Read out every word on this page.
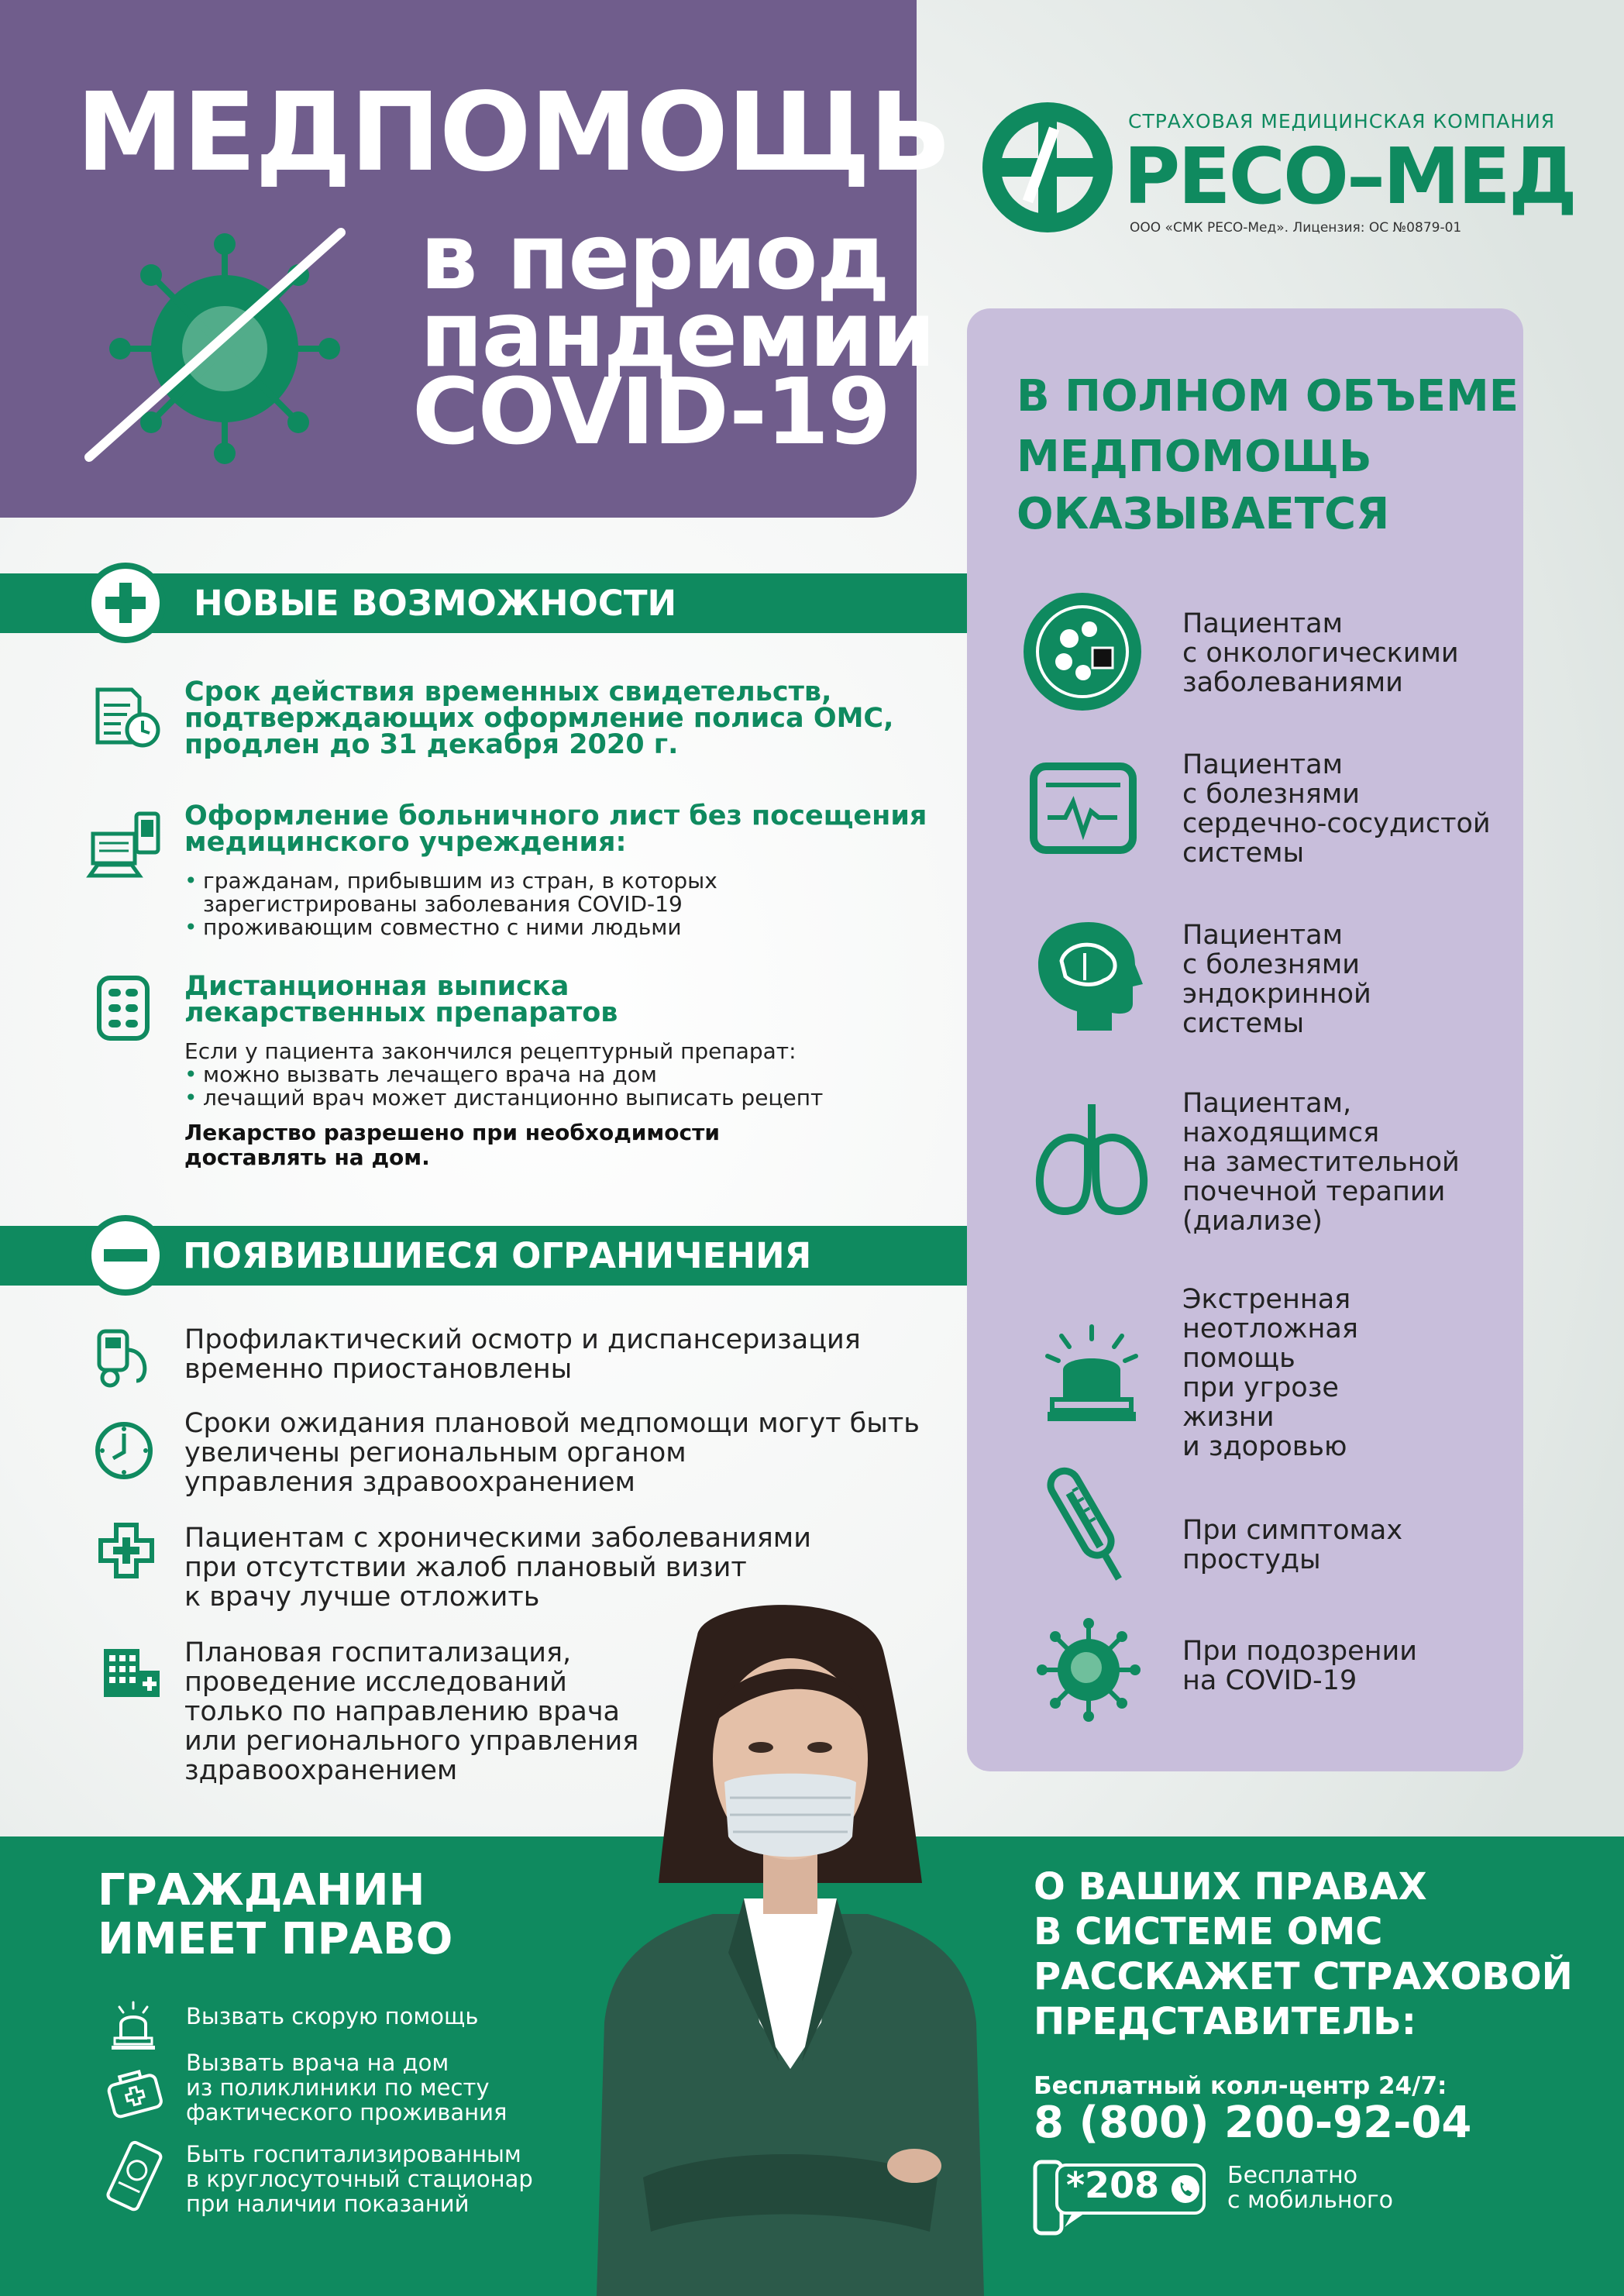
МЕДПОМОЩЬ
в период
пандемии
COVID-19
СТРАХОВАЯ МЕДИЦИНСКАЯ КОМПАНИЯ
РЕСО–МЕД
ООО «СМК РЕСО-Мед». Лицензия: ОС №0879-01
В ПОЛНОМ ОБЪЕМЕ
МЕДПОМОЩЬ
ОКАЗЫВАЕТСЯ
Пациентам
с онкологическими
заболеваниями
Пациентам
с болезнями
сердечно-сосудистой
системы
Пациентам
с болезнями
эндокринной
системы
Пациентам,
находящимся
на заместительной
почечной терапии
(диализе)
Экстренная
неотложная
помощь
при угрозе
жизни
и здоровью
При симптомах
простуды
При подозрении
на COVID-19
НОВЫЕ ВОЗМОЖНОСТИ
Срок действия временных свидетельств,
подтверждающих оформление полиса ОМС,
продлен до 31 декабря 2020 г.
Оформление больничного лист без посещения
медицинского учреждения:
• гражданам, прибывшим из стран, в которых
зарегистрированы заболевания COVID-19
• проживающим совместно с ними людьми
Дистанционная выписка
лекарственных препаратов
Если у пациента закончился рецептурный препарат:
• можно вызвать лечащего врача на дом
• лечащий врач может дистанционно выписать рецепт
Лекарство разрешено при необходимости
доставлять на дом.
ПОЯВИВШИЕСЯ ОГРАНИЧЕНИЯ
Профилактический осмотр и диспансеризация
временно приостановлены
Сроки ожидания плановой медпомощи могут быть
увеличены региональным органом
управления здравоохранением
Пациентам с хроническими заболеваниями
при отсутствии жалоб плановый визит
к врачу лучше отложить
Плановая госпитализация,
проведение исследований
только по направлению врача
или регионального управления
здравоохранением
ГРАЖДАНИН
ИМЕЕТ ПРАВО
Вызвать скорую помощь
Вызвать врача на дом
из поликлиники по месту
фактического проживания
Быть госпитализированным
в круглосуточный стационар
при наличии показаний
О ВАШИХ ПРАВАХ
В СИСТЕМЕ ОМС
РАССКАЖЕТ СТРАХОВОЙ
ПРЕДСТАВИТЕЛЬ:
Бесплатный колл-центр 24/7:
8 (800) 200-92-04
*208	Бесплатно
с мобильного
